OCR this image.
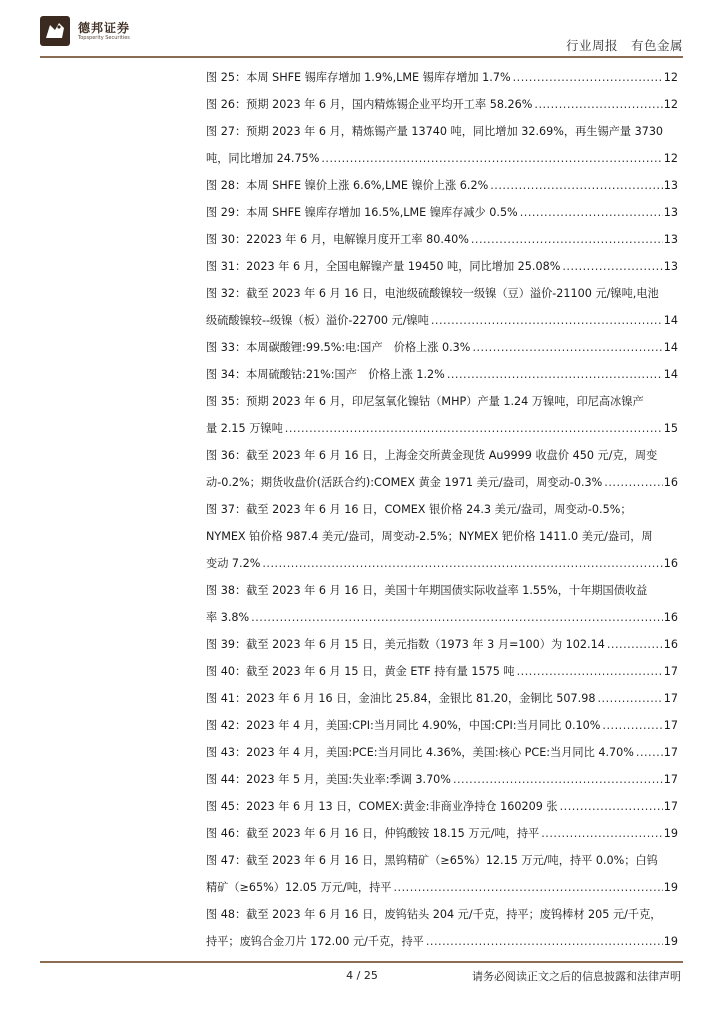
德邦证券
Topsperity Securities	行业周报　有色金属
图 25：本周 SHFE 锡库存增加 1.9%,LME 锡库存增加 1.7% .....	12
图 26：预期 2023 年 6 月，国内精炼锡企业平均开工率 58.26% .....	12
图 27：预期 2023 年 6 月，精炼锡产量 13740 吨，同比增加 32.69%，再生锡产量 3730
吨，同比增加 24.75% .....	12
图 28：本周 SHFE 镍价上涨 6.6%,LME 镍价上涨 6.2% .....	13
图 29：本周 SHFE 镍库存增加 16.5%,LME 镍库存减少 0.5% .....	13
图 30：22023 年 6 月，电解镍月度开工率 80.40% .....	13
图 31：2023 年 6 月，全国电解镍产量 19450 吨，同比增加 25.08% .....	13
图 32：截至 2023 年 6 月 16 日，电池级硫酸镍较一级镍（豆）溢价-21100 元/镍吨,电池
级硫酸镍较--级镍（板）溢价-22700 元/镍吨 .....	14
图 33：本周碳酸锂:99.5%:电:国产　价格上涨 0.3% .....	14
图 34：本周硫酸钴:21%:国产　价格上涨 1.2% .....	14
图 35：预期 2023 年 6 月，印尼氢氧化镍钴（MHP）产量 1.24 万镍吨，印尼高冰镍产
量 2.15 万镍吨 .....	15
图 36：截至 2023 年 6 月 16 日，上海金交所黄金现货 Au9999 收盘价 450 元/克，周变
动-0.2%；期货收盘价(活跃合约):COMEX 黄金 1971 美元/盎司，周变动-0.3% .....	16
图 37：截至 2023 年 6 月 16 日，COMEX 银价格 24.3 美元/盎司，周变动-0.5%；
NYMEX 铂价格 987.4 美元/盎司，周变动-2.5%；NYMEX 钯价格 1411.0 美元/盎司，周
变动 7.2% .....	16
图 38：截至 2023 年 6 月 16 日，美国十年期国债实际收益率 1.55%，十年期国债收益
率 3.8% .....	16
图 39：截至 2023 年 6 月 15 日，美元指数（1973 年 3 月=100）为 102.14 .....	16
图 40：截至 2023 年 6 月 15 日，黄金 ETF 持有量 1575 吨 .....	17
图 41：2023 年 6 月 16 日，金油比 25.84，金银比 81.20，金铜比 507.98 .....	17
图 42：2023 年 4 月，美国:CPI:当月同比 4.90%，中国:CPI:当月同比 0.10% .....	17
图 43：2023 年 4 月，美国:PCE:当月同比 4.36%，美国:核心 PCE:当月同比 4.70% .....	17
图 44：2023 年 5 月，美国:失业率:季调 3.70% .....	17
图 45：2023 年 6 月 13 日，COMEX:黄金:非商业净持仓 160209 张 .....	17
图 46：截至 2023 年 6 月 16 日，仲钨酸铵 18.15 万元/吨，持平 .....	19
图 47：截至 2023 年 6 月 16 日，黑钨精矿（≥65%）12.15 万元/吨，持平 0.0%；白钨
精矿（≥65%）12.05 万元/吨，持平 .....	19
图 48：截至 2023 年 6 月 16 日，废钨钻头 204 元/千克，持平；废钨棒材 205 元/千克，
持平；废钨合金刀片 172.00 元/千克，持平 .....	19
4 / 25	请务必阅读正文之后的信息披露和法律声明
